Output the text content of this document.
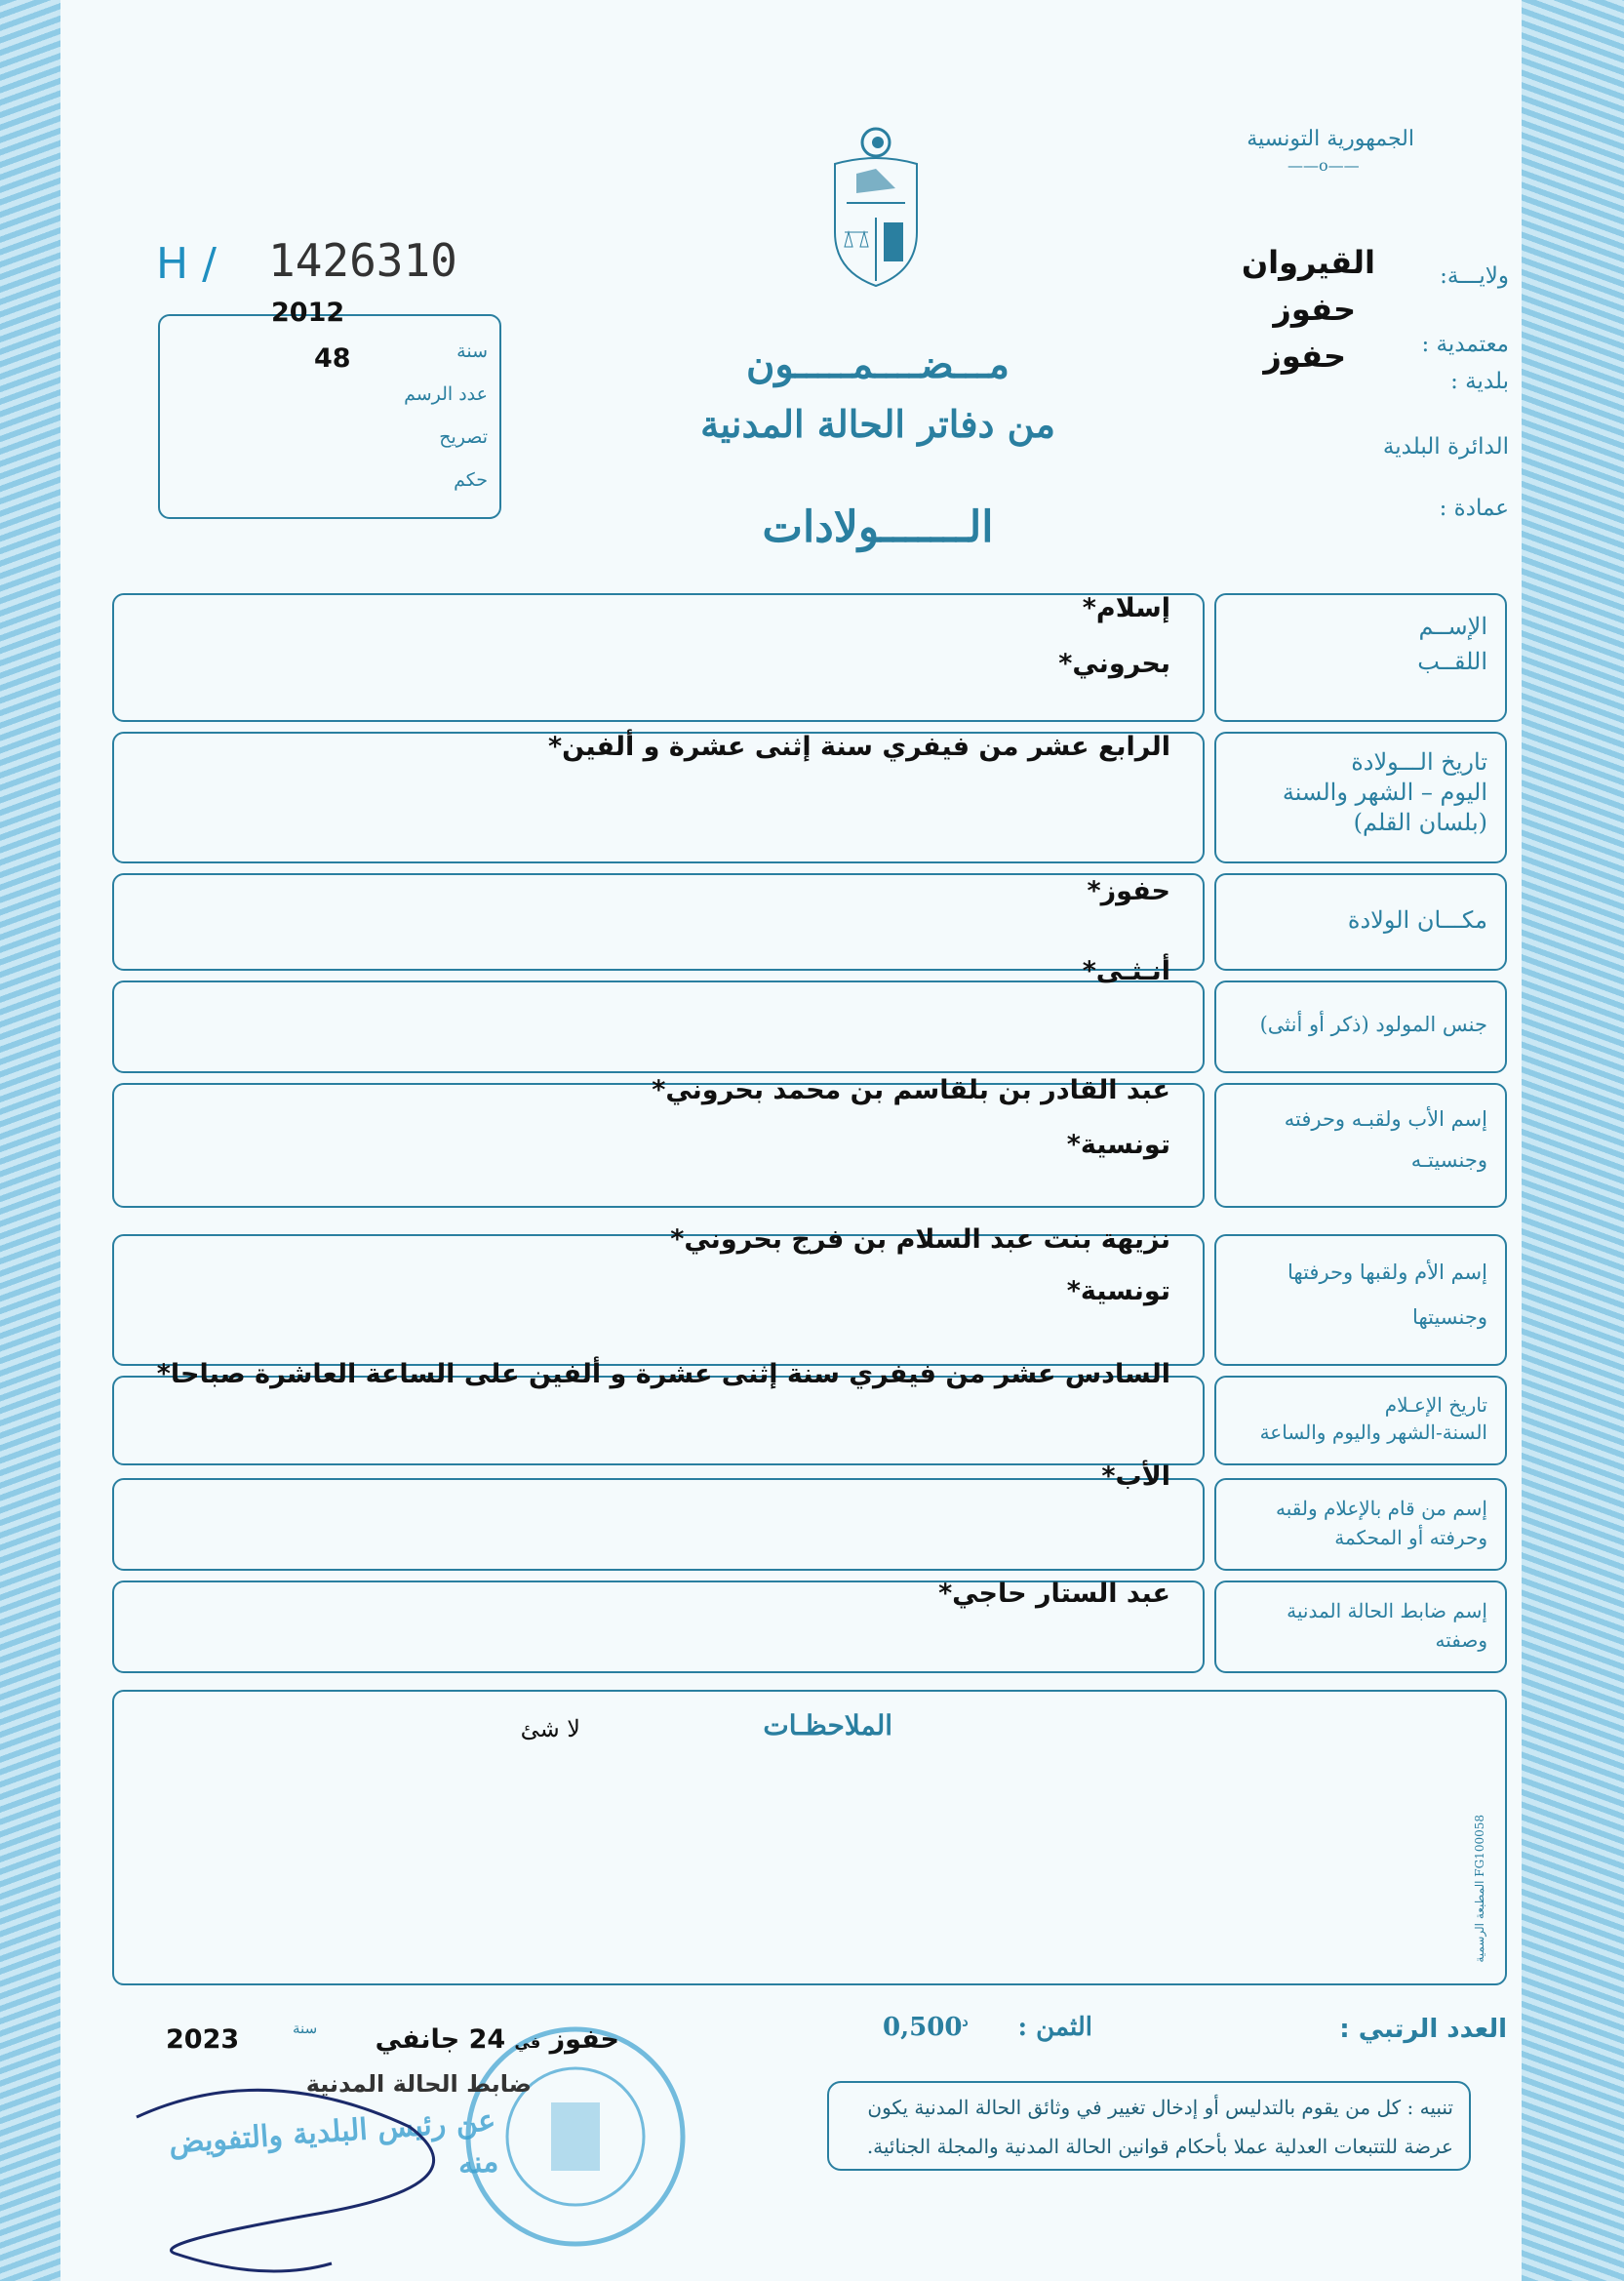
الجمهورية التونسية
——o——
H / 1426310
2012
48	سنة
عدد الرسم
تصريح
حكم
مـــضــــمـــــون
من دفاتر الحالة المدنية
الـــــــولادات
ولايـــة:
القيروان
معتمدية :
حفوز
بلدية :
حفوز
الدائرة البلدية
عمادة :
الإســم
اللقــب
إسلام*
بحروني*
تاريخ الـــولادة
اليوم – الشهر والسنة
(بلسان القلم)
الرابع عشر من فيفري سنة إثنى عشرة و ألفين*
مكـــان الولادة
حفوز*
جنس المولود (ذكر أو أنثى)
أنـثـى*
إسم الأب ولقبـه وحرفته
وجنسيتـه
عبد القادر بن بلقاسم بن محمد بحروني*
تونسية*
إسم الأم ولقبها وحرفتها
وجنسيتها
نزيهة بنت عبد السلام بن فرج بحروني*
تونسية*
تاريخ الإعـلام
السنة-الشهر واليوم والساعة
السادس عشر من فيفري سنة إثنى عشرة و ألفين على الساعة العاشرة صباحا*
إسم من قام بالإعلام ولقبه
وحرفته أو المحكمة
الأب*
إسم ضابط الحالة المدنية
وصفته
عبد الستار حاجي*
الملاحظـات
لا شئ
المطبعة الرسمية FG100058
العدد الرتبي :
الثمن :
$0,500^د$
حفوز في 24 جانفي
سنة
2023
ضابط الحالة المدنية
عن رئيس البلدية والتفويض منه
تنبيه : كل من يقوم بالتدليس أو إدخال تغيير في وثائق الحالة المدنية يكون عرضة للتتبعات العدلية عملا بأحكام قوانين الحالة المدنية والمجلة الجنائية.
